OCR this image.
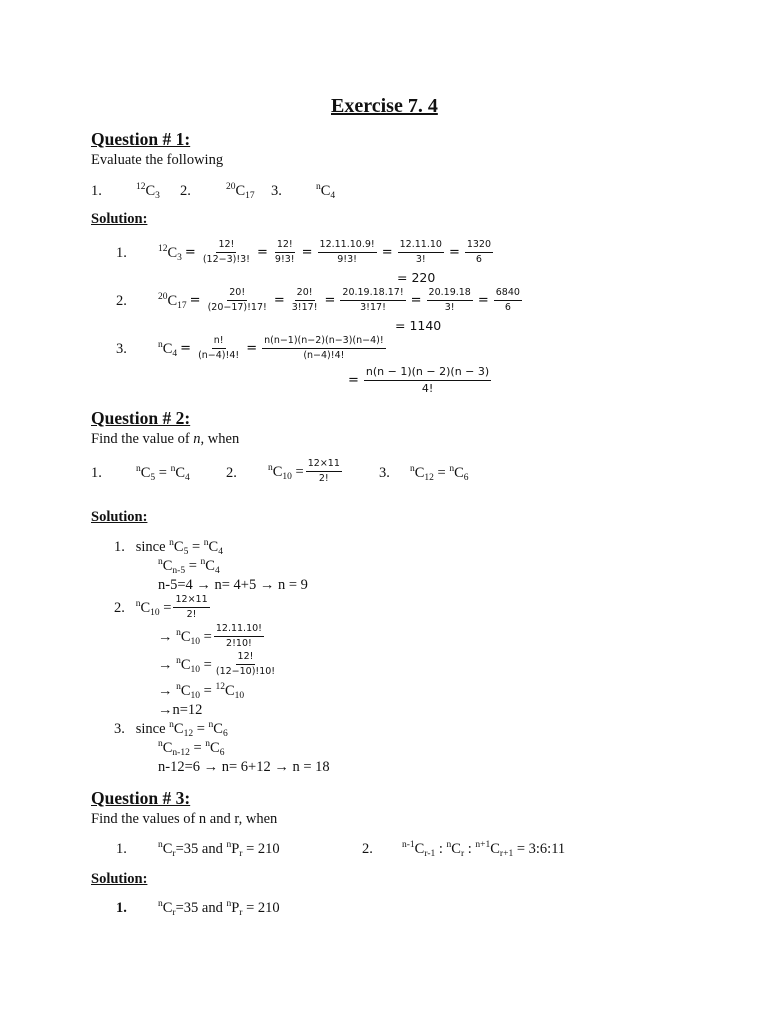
Exercise 7. 4
Question # 1:
Evaluate the following
1.	$^{12}C_3$ 2.	$^{20}C_{17}$ 3.	$^nC_4$
Solution:
1.	$^{12}C_3 = \frac{12!}{(12-3)!3!} = \frac{12!}{9!3!} = \frac{12.11.10.9!}{9!3!} = \frac{12.11.10}{3!} = \frac{1320}{6}$
= 220
2.	$^{20}C_{17} = \frac{20!}{(20-17)!17!} = \frac{20!}{3!17!} = \frac{20.19.18.17!}{3!17!} = \frac{20.19.18}{3!} = \frac{6840}{6}$
= 1140
3.	$^nC_4 = \frac{n!}{(n-4)!4!} = \frac{n(n-1)(n-2)(n-3)(n-4)!}{(n-4)!4!}$
= $\frac{n(n - 1)(n - 2)(n - 3)}{4!}$
Question # 2:
Find the value of n, when
1.	$^nC_5 = ^nC_4$ 2.	$^nC_{10} = \frac{12\times 11}{2!}$	3. $^nC_{12} = ^nC_6$
Solution:
1. since $^nC_5 = ^nC_4$
$^nC_{n-5} = ^nC_4$
n-5=4 → n= 4+5 → n = 9
2.
$^nC_{10} = \frac{12\times 11}{2!}$
→
$^nC_{10} = \frac{12.11.10!}{2!10!}$
→
$^nC_{10} = \frac{12!}{(12-10)!10!}$
→ $^nC_{10} = ^{12}C_{10}$
→n=12
3. since $^nC_{12} = ^nC_6$
$^nC_{n-12} = ^nC_6$
n-12=6 → n= 6+12 → n = 18
Question # 3:
Find the values of n and r, when
1.	$^nC_r=35$ and $^nP_r = 210$	2.	$^{n-1}C_{r-1}$ : $^nC_r$ : $^{n+1}C_{r+1}$ = 3:6:11
Solution:
1.	$^nC_r=35$ and $^nP_r = 210$
